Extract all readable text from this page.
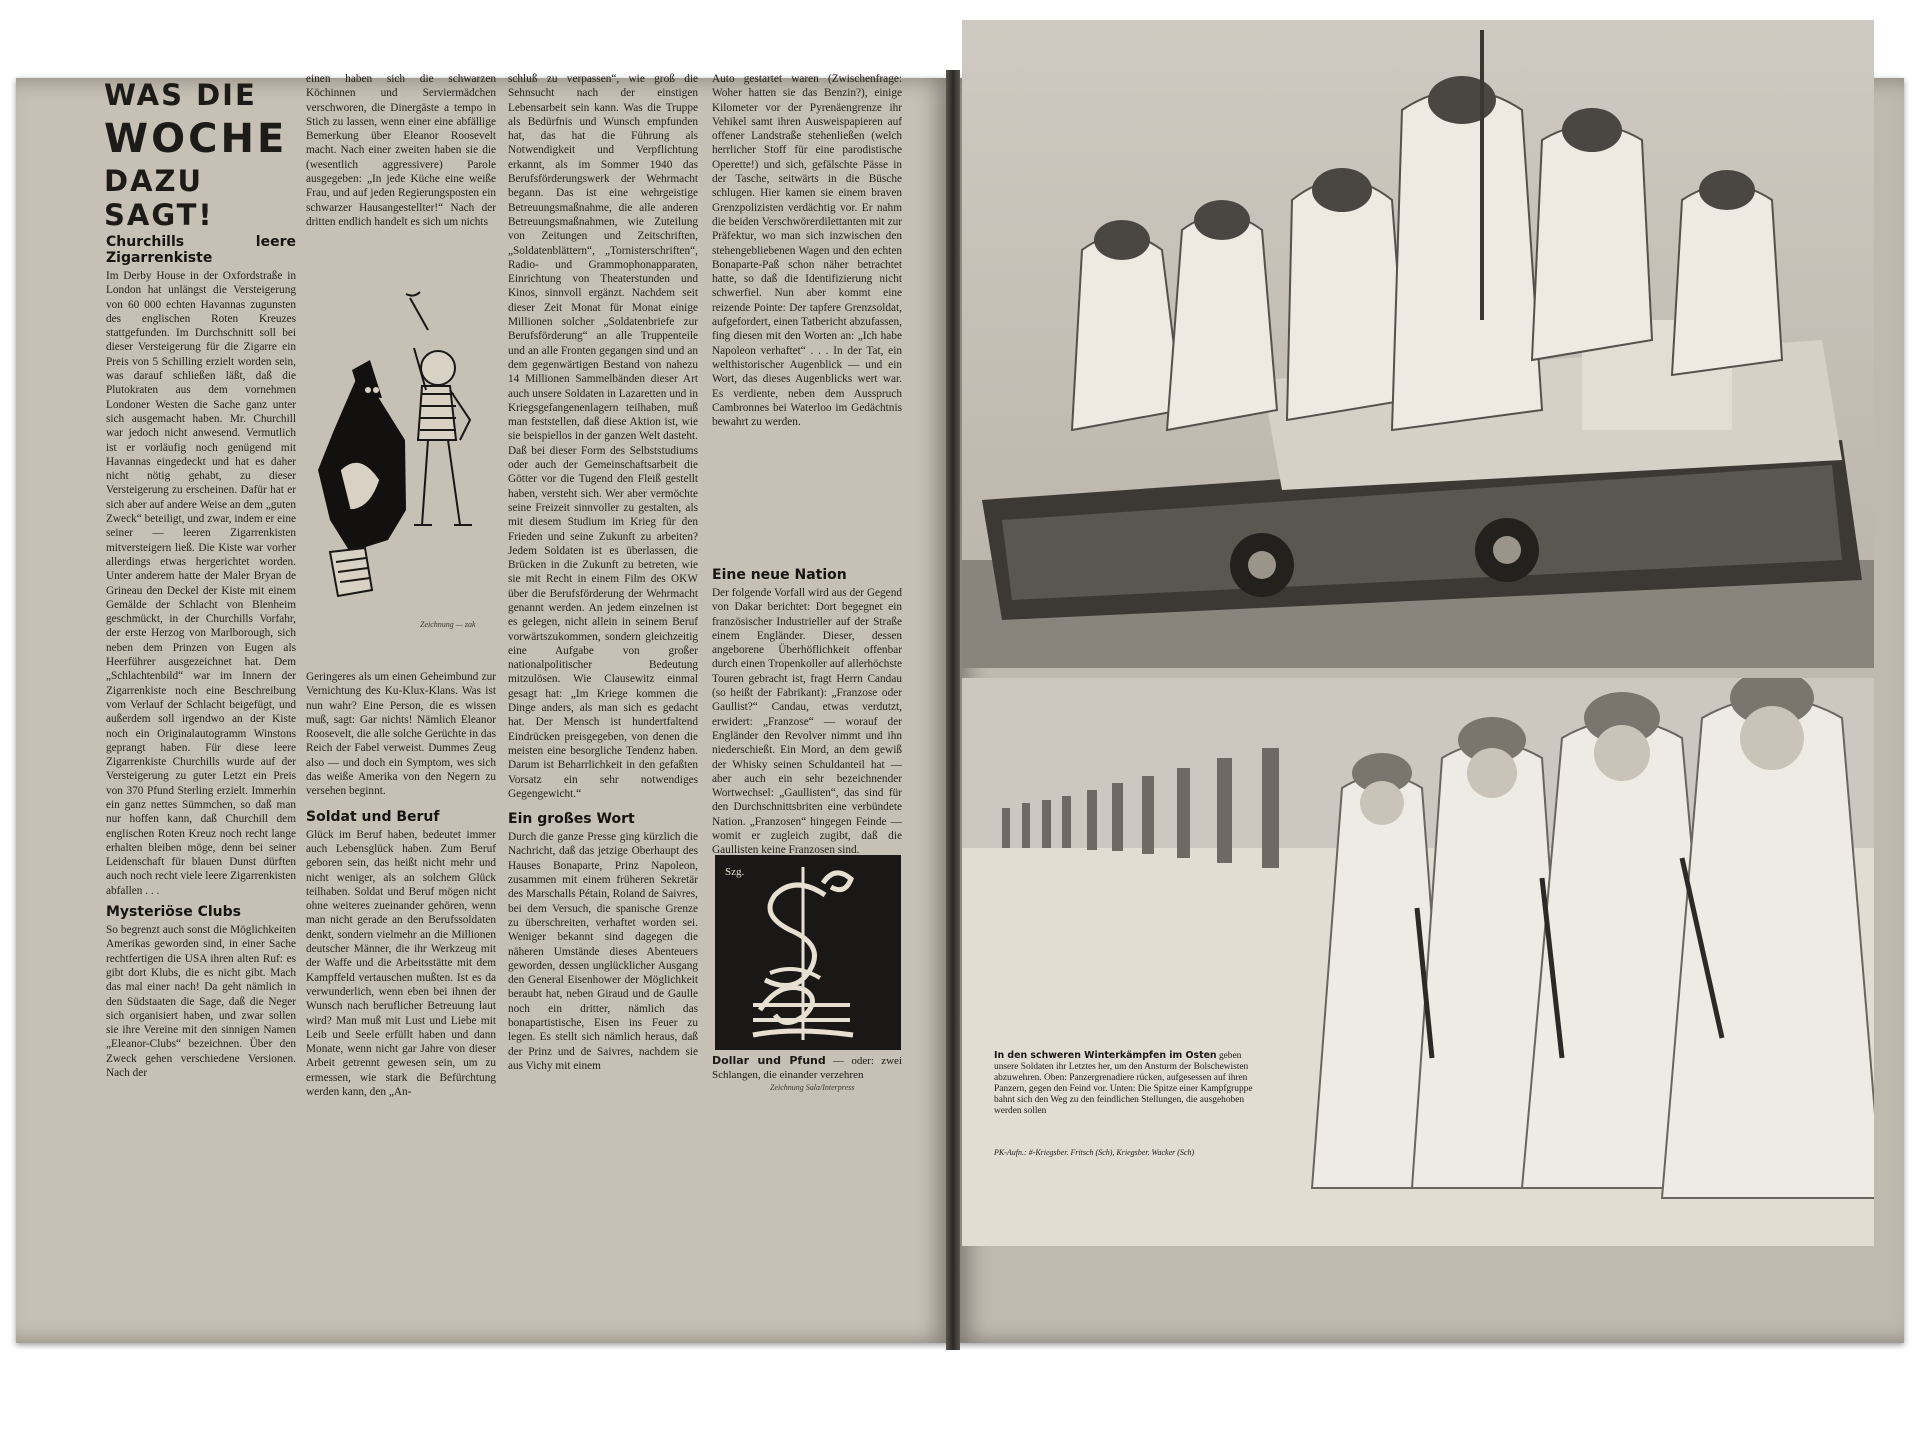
WAS DIE
WOCHE
DAZU SAGT!
Churchills leere Zigarrenkiste

Im Derby House in der Oxfordstraße in London hat unlängst die Versteigerung von 60 000 echten Havannas zugunsten des englischen Roten Kreuzes stattgefunden. Im Durchschnitt soll bei dieser Versteigerung für die Zigarre ein Preis von 5 Schilling erzielt worden sein, was darauf schließen läßt, daß die Plutokraten aus dem vornehmen Londoner Westen die Sache ganz unter sich ausgemacht haben. Mr. Churchill war jedoch nicht anwesend. Vermutlich ist er vorläufig noch genügend mit Havannas eingedeckt und hat es daher nicht nötig gehabt, zu dieser Versteigerung zu erscheinen. Dafür hat er sich aber auf andere Weise an dem „guten Zweck“ beteiligt, und zwar, indem er eine seiner — leeren Zigarrenkisten mitversteigern ließ. Die Kiste war vorher allerdings etwas hergerichtet worden. Unter anderem hatte der Maler Bryan de Grineau den Deckel der Kiste mit einem Gemälde der Schlacht von Blenheim geschmückt, in der Churchills Vorfahr, der erste Herzog von Marlborough, sich neben dem Prinzen von Eugen als Heerführer ausgezeichnet hat. Dem „Schlachtenbild“ war im Innern der Zigarrenkiste noch eine Beschreibung vom Verlauf der Schlacht beigefügt, und außerdem soll irgendwo an der Kiste noch ein Originalautogramm Winstons geprangt haben. Für diese leere Zigarrenkiste Churchills wurde auf der Versteigerung zu guter Letzt ein Preis von 370 Pfund Sterling erzielt. Immerhin ein ganz nettes Sümmchen, so daß man nur hoffen kann, daß Churchill dem englischen Roten Kreuz noch recht lange erhalten bleiben möge, denn bei seiner Leidenschaft für blauen Dunst dürften auch noch recht viele leere Zigarrenkisten abfallen . . .

Mysteriöse Clubs

So begrenzt auch sonst die Möglichkeiten Amerikas geworden sind, in einer Sache rechtfertigen die USA ihren alten Ruf: es gibt dort Klubs, die es nicht gibt. Mach das mal einer nach! Da geht nämlich in den Südstaaten die Sage, daß die Neger sich organisiert haben, und zwar sollen sie ihre Vereine mit den sinnigen Namen „Eleanor-Clubs“ bezeichnen. Über den Zweck gehen verschiedene Versionen. Nach der

einen haben sich die schwarzen Köchinnen und Serviermädchen verschworen, die Dinergäste a tempo in Stich zu lassen, wenn einer eine abfällige Bemerkung über Eleanor Roosevelt macht. Nach einer zweiten haben sie die (wesentlich aggressivere) Parole ausgegeben: „In jede Küche eine weiße Frau, und auf jeden Regierungsposten ein schwarzer Hausangestellter!“ Nach der dritten endlich handelt es sich um nichts

Zeichnung — zak

Geringeres als um einen Geheimbund zur Vernichtung des Ku-Klux-Klans. Was ist nun wahr? Eine Person, die es wissen muß, sagt: Gar nichts! Nämlich Eleanor Roosevelt, die alle solche Gerüchte in das Reich der Fabel verweist. Dummes Zeug also — und doch ein Symptom, wes sich das weiße Amerika von den Negern zu versehen beginnt.

Soldat und Beruf

Glück im Beruf haben, bedeutet immer auch Lebensglück haben. Zum Beruf geboren sein, das heißt nicht mehr und nicht weniger, als an solchem Glück teilhaben. Soldat und Beruf mögen nicht ohne weiteres zueinander gehören, wenn man nicht gerade an den Berufssoldaten denkt, sondern vielmehr an die Millionen deutscher Männer, die ihr Werkzeug mit der Waffe und die Arbeitsstätte mit dem Kampffeld vertauschen mußten. Ist es da verwunderlich, wenn eben bei ihnen der Wunsch nach beruflicher Betreuung laut wird? Man muß mit Lust und Liebe mit Leib und Seele erfüllt haben und dann Monate, wenn nicht gar Jahre von dieser Arbeit getrennt gewesen sein, um zu ermessen, wie stark die Befürchtung werden kann, den „An-

schluß zu verpassen“, wie groß die Sehnsucht nach der einstigen Lebensarbeit sein kann. Was die Truppe als Bedürfnis und Wunsch empfunden hat, das hat die Führung als Notwendigkeit und Verpflichtung erkannt, als im Sommer 1940 das Berufsförderungswerk der Wehrmacht begann. Das ist eine wehrgeistige Betreuungsmaßnahme, die alle anderen Betreuungsmaßnahmen, wie Zuteilung von Zeitungen und Zeitschriften, „Soldatenblättern“, „Tornisterschriften“, Radio- und Grammophonapparaten, Einrichtung von Theaterstunden und Kinos, sinnvoll ergänzt. Nachdem seit dieser Zeit Monat für Monat einige Millionen solcher „Soldatenbriefe zur Berufsförderung“ an alle Truppenteile und an alle Fronten gegangen sind und an dem gegenwärtigen Bestand von nahezu 14 Millionen Sammelbänden dieser Art auch unsere Soldaten in Lazaretten und in Kriegsgefangenenlagern teilhaben, muß man feststellen, daß diese Aktion ist, wie sie beispiellos in der ganzen Welt dasteht. Daß bei dieser Form des Selbststudiums oder auch der Gemeinschaftsarbeit die Götter vor die Tugend den Fleiß gestellt haben, versteht sich. Wer aber vermöchte seine Freizeit sinnvoller zu gestalten, als mit diesem Studium im Krieg für den Frieden und seine Zukunft zu arbeiten? Jedem Soldaten ist es überlassen, die Brücken in die Zukunft zu betreten, wie sie mit Recht in einem Film des OKW über die Berufsförderung der Wehrmacht genannt werden. An jedem einzelnen ist es gelegen, nicht allein in seinem Beruf vorwärtszukommen, sondern gleichzeitig eine Aufgabe von großer nationalpolitischer Bedeutung mitzulösen. Wie Clausewitz einmal gesagt hat: „Im Kriege kommen die Dinge anders, als man sich es gedacht hat. Der Mensch ist hundertfaltend Eindrücken preisgegeben, von denen die meisten eine besorgliche Tendenz haben. Darum ist Beharrlichkeit in den gefaßten Vorsatz ein sehr notwendiges Gegengewicht.“

Ein großes Wort

Durch die ganze Presse ging kürzlich die Nachricht, daß das jetzige Oberhaupt des Hauses Bonaparte, Prinz Napoleon, zusammen mit einem früheren Sekretär des Marschalls Pétain, Roland de Saivres, bei dem Versuch, die spanische Grenze zu überschreiten, verhaftet worden sei. Weniger bekannt sind dagegen die näheren Umstände dieses Abenteuers geworden, dessen unglücklicher Ausgang den General Eisenhower der Möglichkeit beraubt hat, neben Giraud und de Gaulle noch ein dritter, nämlich das bonapartistische, Eisen ins Feuer zu legen. Es stellt sich nämlich heraus, daß der Prinz und de Saivres, nachdem sie aus Vichy mit einem

Auto gestartet waren (Zwischenfrage: Woher hatten sie das Benzin?), einige Kilometer vor der Pyrenäengrenze ihr Vehikel samt ihren Ausweispapieren auf offener Landstraße stehenließen (welch herrlicher Stoff für eine parodistische Operette!) und sich, gefälschte Pässe in der Tasche, seitwärts in die Büsche schlugen. Hier kamen sie einem braven Grenzpolizisten verdächtig vor. Er nahm die beiden Verschwörerdilettanten mit zur Präfektur, wo man sich inzwischen den stehengebliebenen Wagen und den echten Bonaparte-Paß schon näher betrachtet hatte, so daß die Identifizierung nicht schwerfiel. Nun aber kommt eine reizende Pointe: Der tapfere Grenzsoldat, aufgefordert, einen Tatbericht abzufassen, fing diesen mit den Worten an: „Ich habe Napoleon verhaftet“ . . . In der Tat, ein welthistorischer Augenblick — und ein Wort, das dieses Augenblicks wert war. Es verdiente, neben dem Ausspruch Cambronnes bei Waterloo im Gedächtnis bewahrt zu werden.

Eine neue Nation

Der folgende Vorfall wird aus der Gegend von Dakar berichtet: Dort begegnet ein französischer Industrieller auf der Straße einem Engländer. Dieser, dessen angeborene Überhöflichkeit offenbar durch einen Tropenkoller auf allerhöchste Touren gebracht ist, fragt Herrn Candau (so heißt der Fabrikant): „Franzose oder Gaullist?“ Candau, etwas verdutzt, erwidert: „Franzose“ — worauf der Engländer den Revolver nimmt und ihn niederschießt. Ein Mord, an dem gewiß der Whisky seinen Schuldanteil hat — aber auch ein sehr bezeichnender Wortwechsel: „Gaullisten“, das sind für den Durchschnittsbriten eine verbündete Nation. „Franzosen“ hingegen Feinde — womit er zugleich zugibt, daß die Gaullisten keine Franzosen sind.

Szg.
Dollar und Pfund — oder: zwei Schlangen, die einander verzehren
Zeichnung Sala/Interpress
In den schweren Winterkämpfen im Osten geben unsere Soldaten ihr Letztes her, um den Ansturm der Bolschewisten abzuwehren. Oben: Panzergrenadiere rücken, aufgesessen auf ihren Panzern, gegen den Feind vor. Unten: Die Spitze einer Kampfgruppe bahnt sich den Weg zu den feindlichen Stellungen, die ausgehoben werden sollen
PK-Aufn.: #-Kriegsber. Fritsch (Sch), Kriegsber. Wacker (Sch)
